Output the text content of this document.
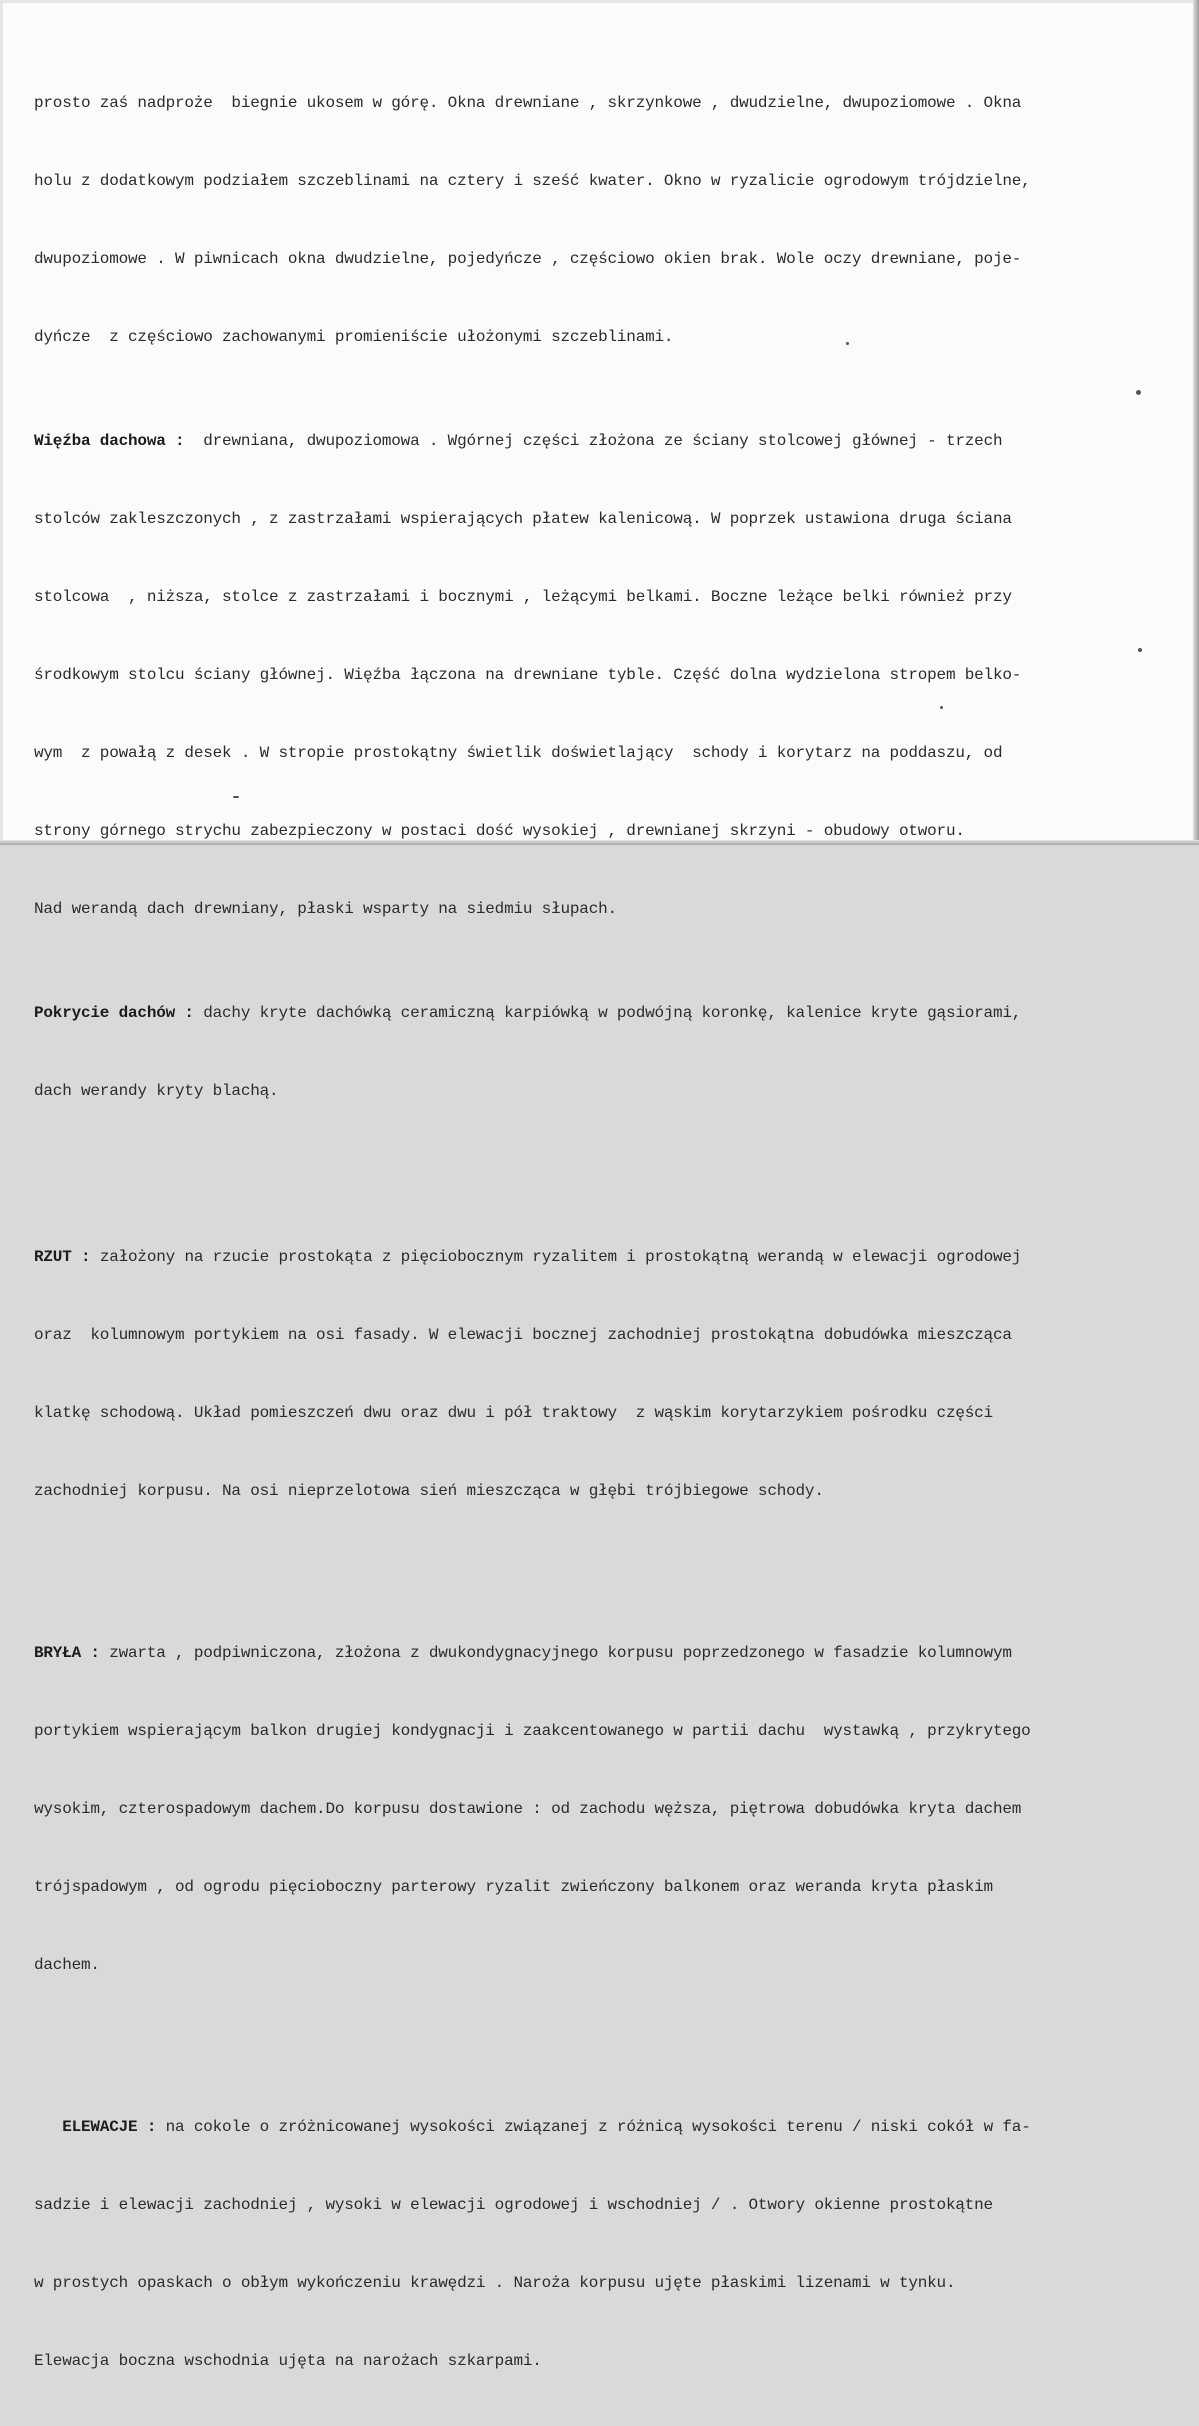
prosto zaś nadproże  biegnie ukosem w górę. Okna drewniane , skrzynkowe , dwudzielne, dwupoziomowe . Okna

holu z dodatkowym podziałem szczeblinami na cztery i sześć kwater. Okno w ryzalicie ogrodowym trójdzielne,

dwupoziomowe . W piwnicach okna dwudzielne, pojedyńcze , częściowo okien brak. Wole oczy drewniane, poje-

dyńcze  z częściowo zachowanymi promieniście ułożonymi szczeblinami.

Więźba dachowa :  drewniana, dwupoziomowa . Wgórnej części złożona ze ściany stolcowej głównej - trzech

stolców zakleszczonych , z zastrzałami wspierających płatew kalenicową. W poprzek ustawiona druga ściana

stolcowa  , niższa, stolce z zastrzałami i bocznymi , leżącymi belkami. Boczne leżące belki również przy

środkowym stolcu ściany głównej. Więźba łączona na drewniane tyble. Część dolna wydzielona stropem belko-

wym  z powałą z desek . W stropie prostokątny świetlik doświetlający  schody i korytarz na poddaszu, od

strony górnego strychu zabezpieczony w postaci dość wysokiej , drewnianej skrzyni - obudowy otworu.

Nad werandą dach drewniany, płaski wsparty na siedmiu słupach.

Pokrycie dachów : dachy kryte dachówką ceramiczną karpiówką w podwójną koronkę, kalenice kryte gąsiorami,

dach werandy kryty blachą.

RZUT : założony na rzucie prostokąta z pięciobocznym ryzalitem i prostokątną werandą w elewacji ogrodowej

oraz  kolumnowym portykiem na osi fasady. W elewacji bocznej zachodniej prostokątna dobudówka mieszcząca

klatkę schodową. Układ pomieszczeń dwu oraz dwu i pół traktowy  z wąskim korytarzykiem pośrodku części

zachodniej korpusu. Na osi nieprzelotowa sień mieszcząca w głębi trójbiegowe schody.

BRYŁA : zwarta , podpiwniczona, złożona z dwukondygnacyjnego korpusu poprzedzonego w fasadzie kolumnowym

portykiem wspierającym balkon drugiej kondygnacji i zaakcentowanego w partii dachu  wystawką , przykrytego

wysokim, czterospadowym dachem.Do korpusu dostawione : od zachodu węższa, piętrowa dobudówka kryta dachem

trójspadowym , od ogrodu pięcioboczny parterowy ryzalit zwieńczony balkonem oraz weranda kryta płaskim

dachem.

ELEWACJE : na cokole o zróżnicowanej wysokości związanej z różnicą wysokości terenu / niski cokół w fa-

sadzie i elewacji zachodniej , wysoki w elewacji ogrodowej i wschodniej / . Otwory okienne prostokątne

w prostych opaskach o obłym wykończeniu krawędzi . Naroża korpusu ujęte płaskimi lizenami w tynku.

Elewacja boczna wschodnia ujęta na narożach szkarpami.
